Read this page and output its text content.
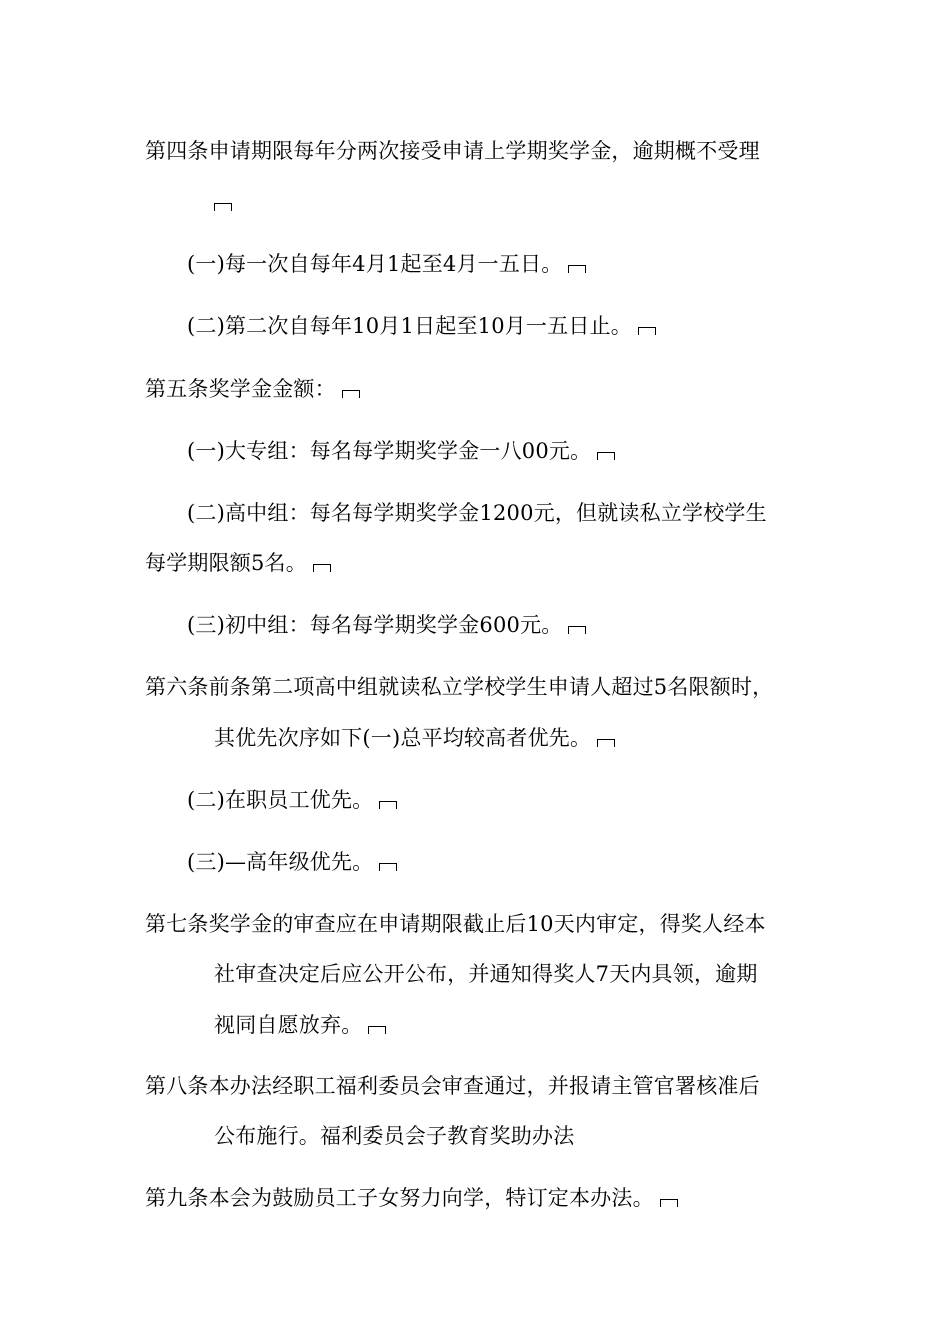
第四条申请期限每年分两次接受申请上学期奖学金，逾期概不受理
(一)每一次自每年4月1起至4月一五日。
(二)第二次自每年10月1日起至10月一五日止。
第五条奖学金金额：
(一)大专组：每名每学期奖学金一八00元。
(二)高中组：每名每学期奖学金1200元，但就读私立学校学生
每学期限额5名。
(三)初中组：每名每学期奖学金600元。
第六条前条第二项高中组就读私立学校学生申请人超过5名限额时，
其优先次序如下(一)总平均较高者优先。
(二)在职员工优先。
(三)—高年级优先。
第七条奖学金的审查应在申请期限截止后10天内审定，得奖人经本
社审查决定后应公开公布，并通知得奖人7天内具领，逾期
视同自愿放弃。
第八条本办法经职工福利委员会审查通过，并报请主管官署核准后
公布施行。福利委员会子教育奖助办法
第九条本会为鼓励员工子女努力向学，特订定本办法。
